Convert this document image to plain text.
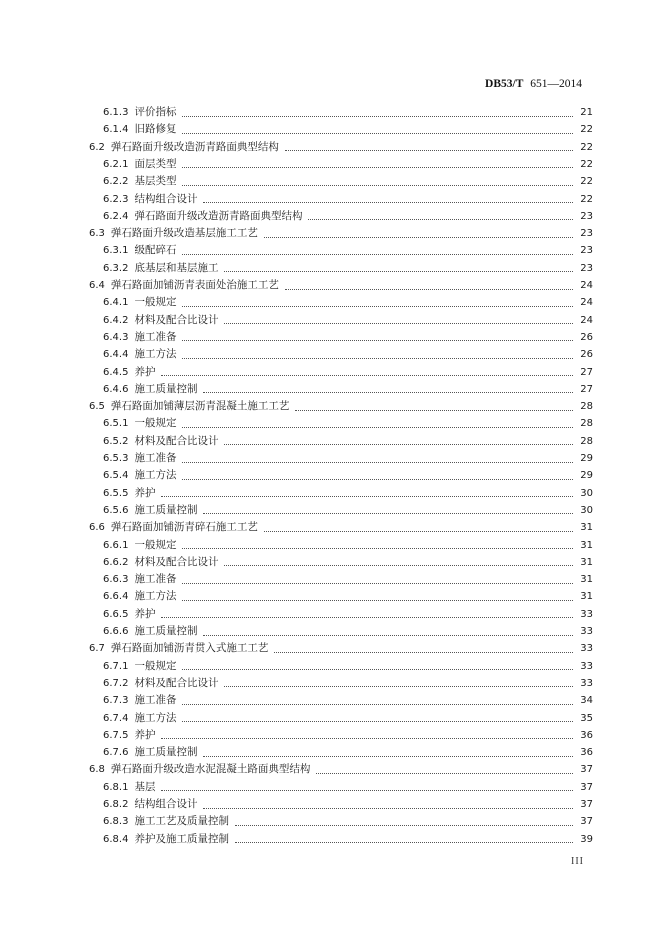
DB53/T 651—2014
6.1.3 评价指标	21
6.1.4 旧路修复	22
6.2 弹石路面升级改造沥青路面典型结构	22
6.2.1 面层类型	22
6.2.2 基层类型	22
6.2.3 结构组合设计	22
6.2.4 弹石路面升级改造沥青路面典型结构	23
6.3 弹石路面升级改造基层施工工艺	23
6.3.1 级配碎石	23
6.3.2 底基层和基层施工	23
6.4 弹石路面加铺沥青表面处治施工工艺	24
6.4.1 一般规定	24
6.4.2 材料及配合比设计	24
6.4.3 施工准备	26
6.4.4 施工方法	26
6.4.5 养护	27
6.4.6 施工质量控制	27
6.5 弹石路面加铺薄层沥青混凝土施工工艺	28
6.5.1 一般规定	28
6.5.2 材料及配合比设计	28
6.5.3 施工准备	29
6.5.4 施工方法	29
6.5.5 养护	30
6.5.6 施工质量控制	30
6.6 弹石路面加铺沥青碎石施工工艺	31
6.6.1 一般规定	31
6.6.2 材料及配合比设计	31
6.6.3 施工准备	31
6.6.4 施工方法	31
6.6.5 养护	33
6.6.6 施工质量控制	33
6.7 弹石路面加铺沥青贯入式施工工艺	33
6.7.1 一般规定	33
6.7.2 材料及配合比设计	33
6.7.3 施工准备	34
6.7.4 施工方法	35
6.7.5 养护	36
6.7.6 施工质量控制	36
6.8 弹石路面升级改造水泥混凝土路面典型结构	37
6.8.1 基层	37
6.8.2 结构组合设计	37
6.8.3 施工工艺及质量控制	37
6.8.4 养护及施工质量控制	39
III
